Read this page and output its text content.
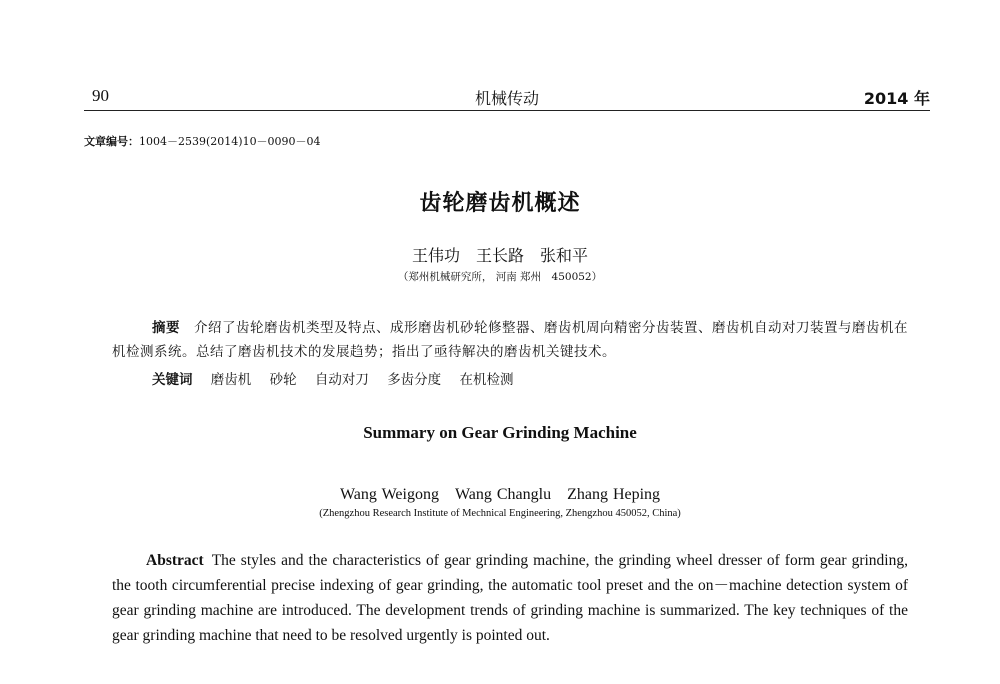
90	机械传动	2014 年
文章编号：1004－2539(2014)10－0090－04
齿轮磨齿机概述
王伟功　王长路　张和平
（郑州机械研究所， 河南 郑州　450052）
摘要 介绍了齿轮磨齿机类型及特点、成形磨齿机砂轮修整器、磨齿机周向精密分齿装置、磨齿机自动对刀装置与磨齿机在机检测系统。总结了磨齿机技术的发展趋势；指出了亟待解决的磨齿机关键技术。
关键词 磨齿机 砂轮 自动对刀 多齿分度 在机检测
Summary on Gear Grinding Machine
Wang Weigong　Wang Changlu　Zhang Heping
(Zhengzhou Research Institute of Mechnical Engineering, Zhengzhou 450052, China)
Abstract The styles and the characteristics of gear grinding machine, the grinding wheel dresser of form gear grinding, the tooth circumferential precise indexing of gear grinding, the automatic tool preset and the on－machine detection system of gear grinding machine are introduced. The development trends of grinding machine is summarized. The key techniques of the gear grinding machine that need to be resolved urgently is pointed out.
